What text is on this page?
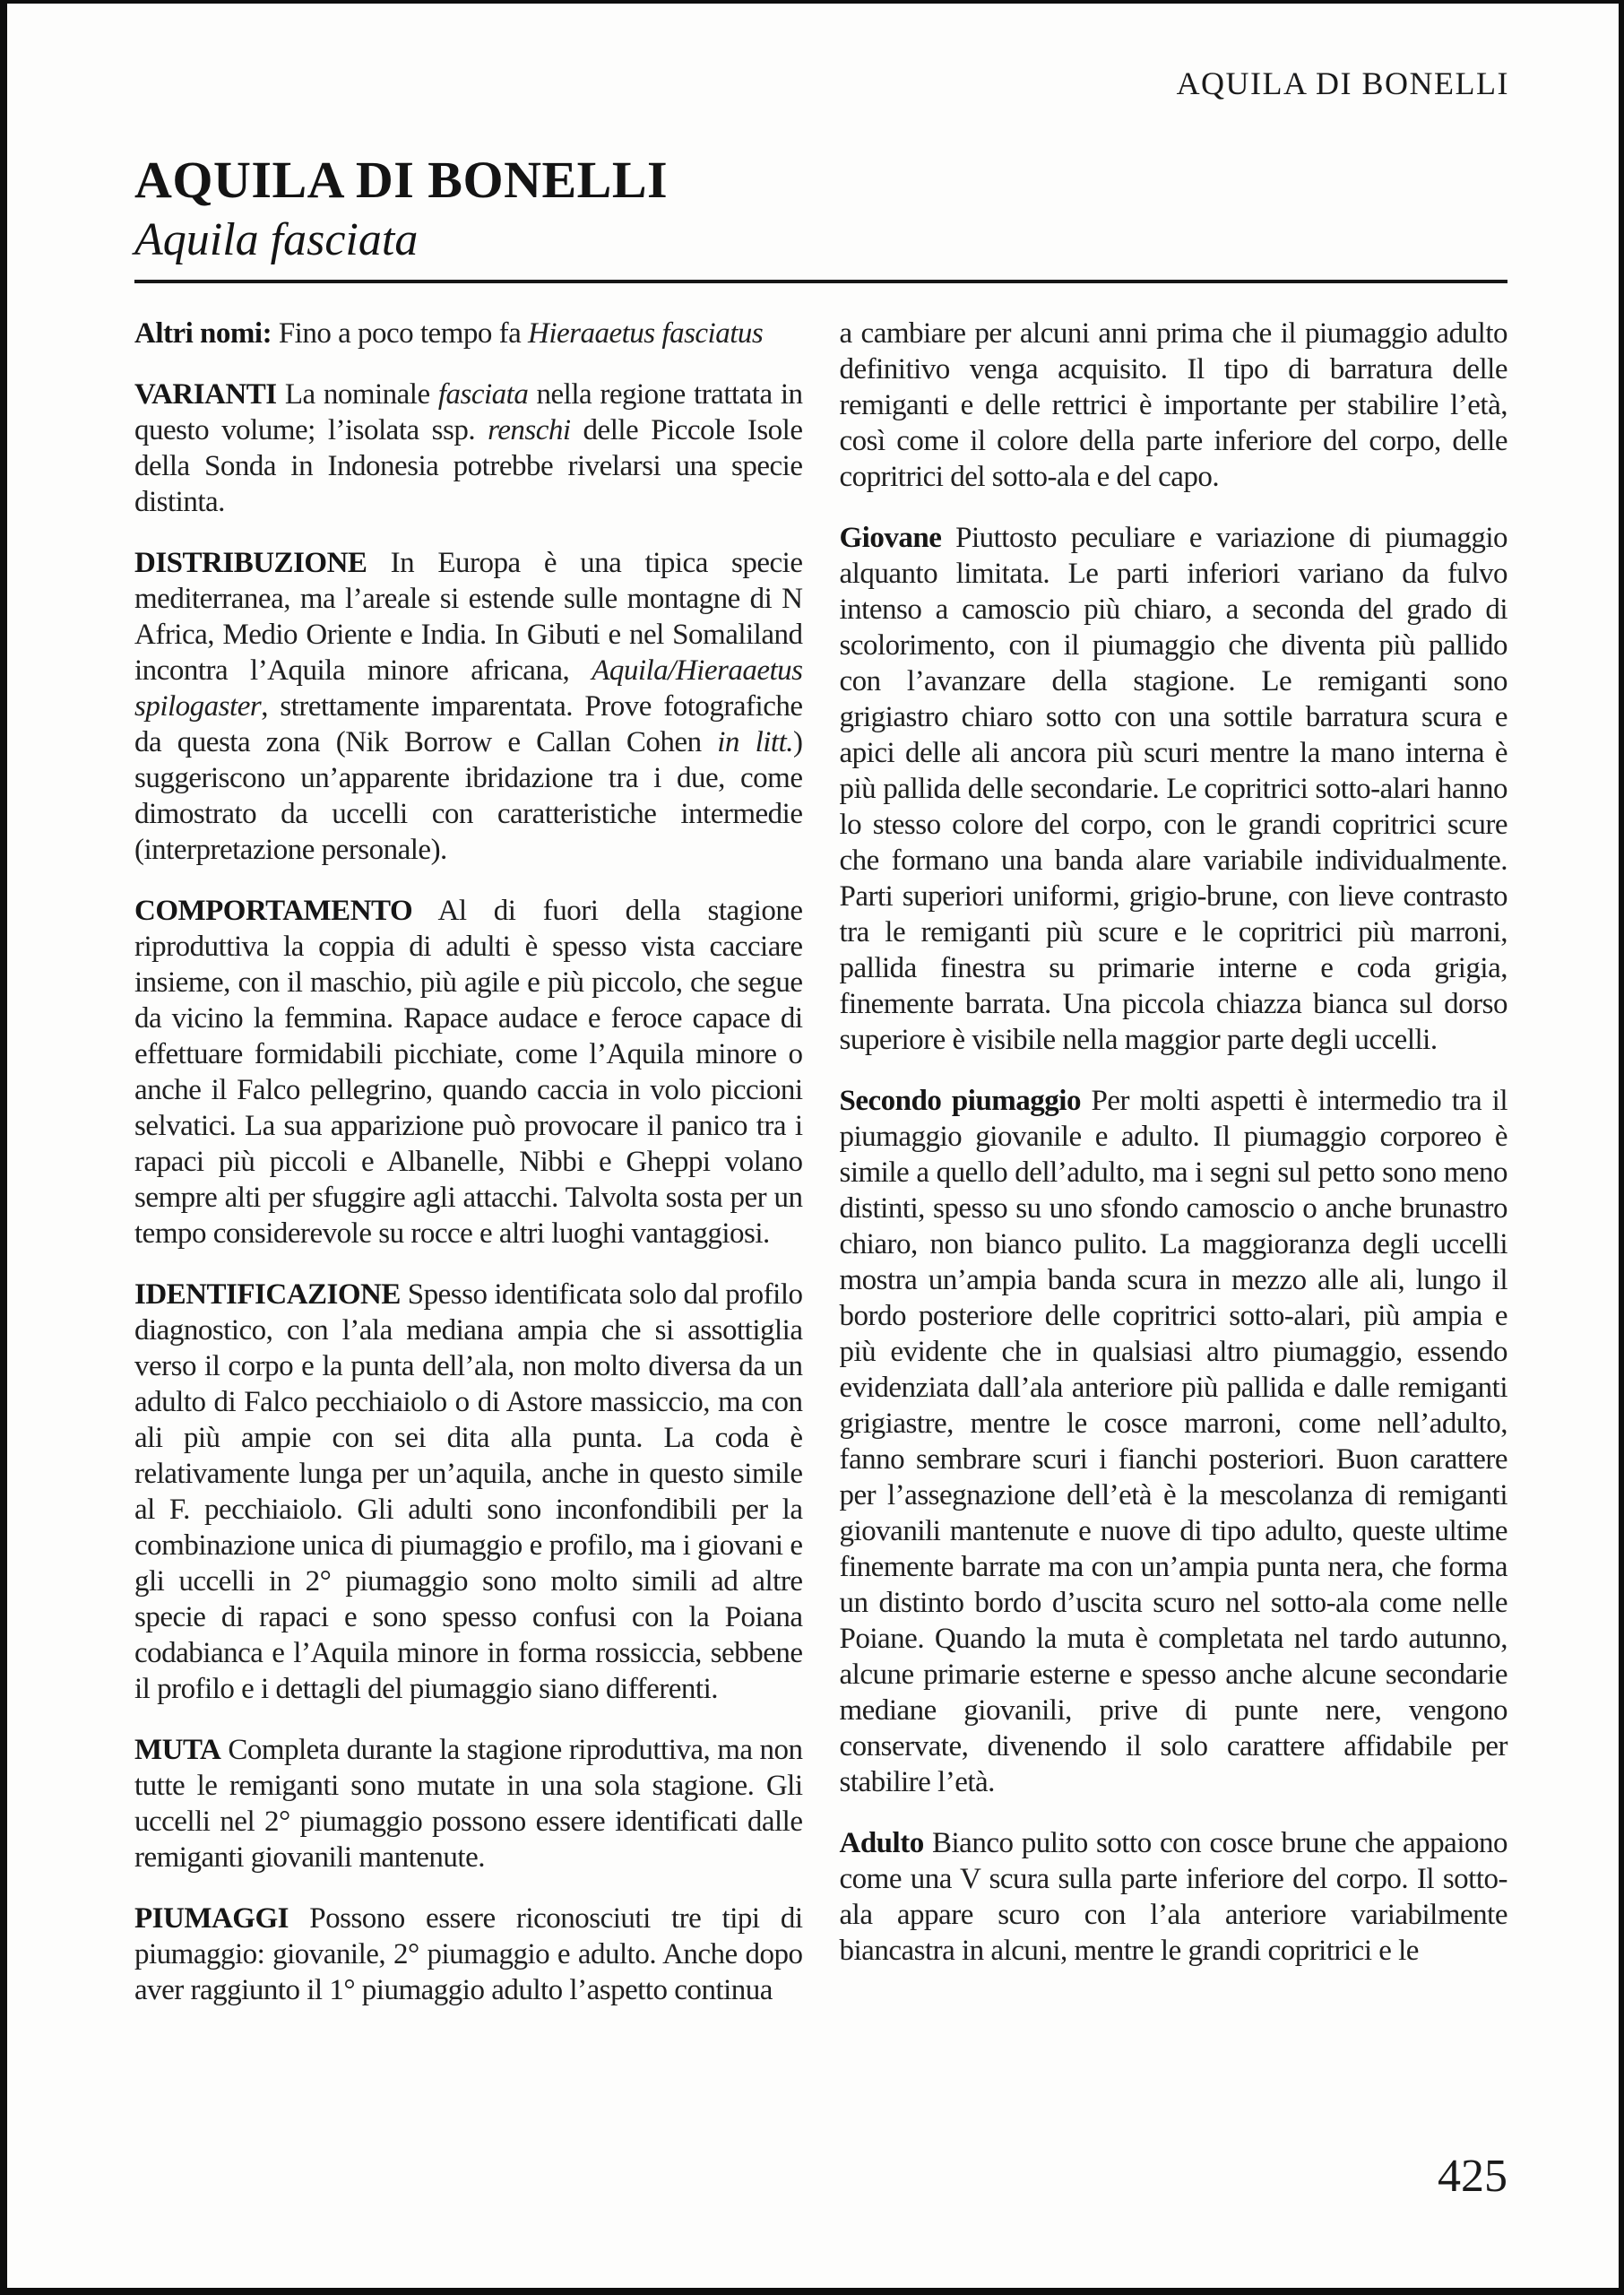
AQUILA DI BONELLI
AQUILA DI BONELLI
Aquila fasciata

Altri nomi: Fino a poco tempo fa Hieraaetus fasciatus

VARIANTI La nominale fasciata nella regione trattata in questo volume; l’isolata ssp. renschi delle Piccole Isole della Sonda in Indonesia potrebbe rivelarsi una specie distinta.

DISTRIBUZIONE In Europa è una tipica specie mediterranea, ma l’areale si estende sulle montagne di N Africa, Medio Oriente e India. In Gibuti e nel Somaliland incontra l’Aquila minore africana, Aquila/Hieraaetus spilogaster, strettamente imparentata. Prove fotografiche da questa zona (Nik Borrow e Callan Cohen in litt.) suggeriscono un’apparente ibridazione tra i due, come dimostrato da uccelli con caratteristiche intermedie (interpretazione personale).

COMPORTAMENTO Al di fuori della stagione riproduttiva la coppia di adulti è spesso vista cacciare insieme, con il maschio, più agile e più piccolo, che segue da vicino la femmina. Rapace audace e feroce capace di effettuare formidabili picchiate, come l’Aquila minore o anche il Falco pellegrino, quando caccia in volo piccioni selvatici. La sua apparizione può provocare il panico tra i rapaci più piccoli e Albanelle, Nibbi e Gheppi volano sempre alti per sfuggire agli attacchi. Talvolta sosta per un tempo considerevole su rocce e altri luoghi vantaggiosi.

IDENTIFICAZIONE Spesso identificata solo dal profilo diagnostico, con l’ala mediana ampia che si assottiglia verso il corpo e la punta dell’ala, non molto diversa da un adulto di Falco pecchiaiolo o di Astore massiccio, ma con ali più ampie con sei dita alla punta. La coda è relativamente lunga per un’aquila, anche in questo simile al F. pecchiaiolo. Gli adulti sono inconfondibili per la combinazione unica di piumaggio e profilo, ma i giovani e gli uccelli in 2° piumaggio sono molto simili ad altre specie di rapaci e sono spesso confusi con la Poiana codabianca e l’Aquila minore in forma rossiccia, sebbene il profilo e i dettagli del piumaggio siano differenti.

MUTA Completa durante la stagione riproduttiva, ma non tutte le remiganti sono mutate in una sola stagione. Gli uccelli nel 2° piumaggio possono essere identificati dalle remiganti giovanili mantenute.

PIUMAGGI Possono essere riconosciuti tre tipi di piumaggio: giovanile, 2° piumaggio e adulto. Anche dopo aver raggiunto il 1° piumaggio adulto l’aspetto continua

a cambiare per alcuni anni prima che il piumaggio adulto definitivo venga acquisito. Il tipo di barratura delle remiganti e delle rettrici è importante per stabilire l’età, così come il colore della parte inferiore del corpo, delle copritrici del sotto-ala e del capo.

Giovane Piuttosto peculiare e variazione di piumaggio alquanto limitata. Le parti inferiori variano da fulvo intenso a camoscio più chiaro, a seconda del grado di scolorimento, con il piumaggio che diventa più pallido con l’avanzare della stagione. Le remiganti sono grigiastro chiaro sotto con una sottile barratura scura e apici delle ali ancora più scuri mentre la mano interna è più pallida delle secondarie. Le copritrici sotto-alari hanno lo stesso colore del corpo, con le grandi copritrici scure che formano una banda alare variabile individualmente. Parti superiori uniformi, grigio-brune, con lieve contrasto tra le remiganti più scure e le copritrici più marroni, pallida finestra su primarie interne e coda grigia, finemente barrata. Una piccola chiazza bianca sul dorso superiore è visibile nella maggior parte degli uccelli.

Secondo piumaggio Per molti aspetti è intermedio tra il piumaggio giovanile e adulto. Il piumaggio corporeo è simile a quello dell’adulto, ma i segni sul petto sono meno distinti, spesso su uno sfondo camoscio o anche brunastro chiaro, non bianco pulito. La maggioranza degli uccelli mostra un’ampia banda scura in mezzo alle ali, lungo il bordo posteriore delle copritrici sotto-alari, più ampia e più evidente che in qualsiasi altro piumaggio, essendo evidenziata dall’ala anteriore più pallida e dalle remiganti grigiastre, mentre le cosce marroni, come nell’adulto, fanno sembrare scuri i fianchi posteriori. Buon carattere per l’assegnazione dell’età è la mescolanza di remiganti giovanili mantenute e nuove di tipo adulto, queste ultime finemente barrate ma con un’ampia punta nera, che forma un distinto bordo d’uscita scuro nel sotto-ala come nelle Poiane. Quando la muta è completata nel tardo autunno, alcune primarie esterne e spesso anche alcune secondarie mediane giovanili, prive di punte nere, vengono conservate, divenendo il solo carattere affidabile per stabilire l’età.

Adulto Bianco pulito sotto con cosce brune che appaiono come una V scura sulla parte inferiore del corpo. Il sotto-ala appare scuro con l’ala anteriore variabilmente biancastra in alcuni, mentre le grandi copritrici e le

425
